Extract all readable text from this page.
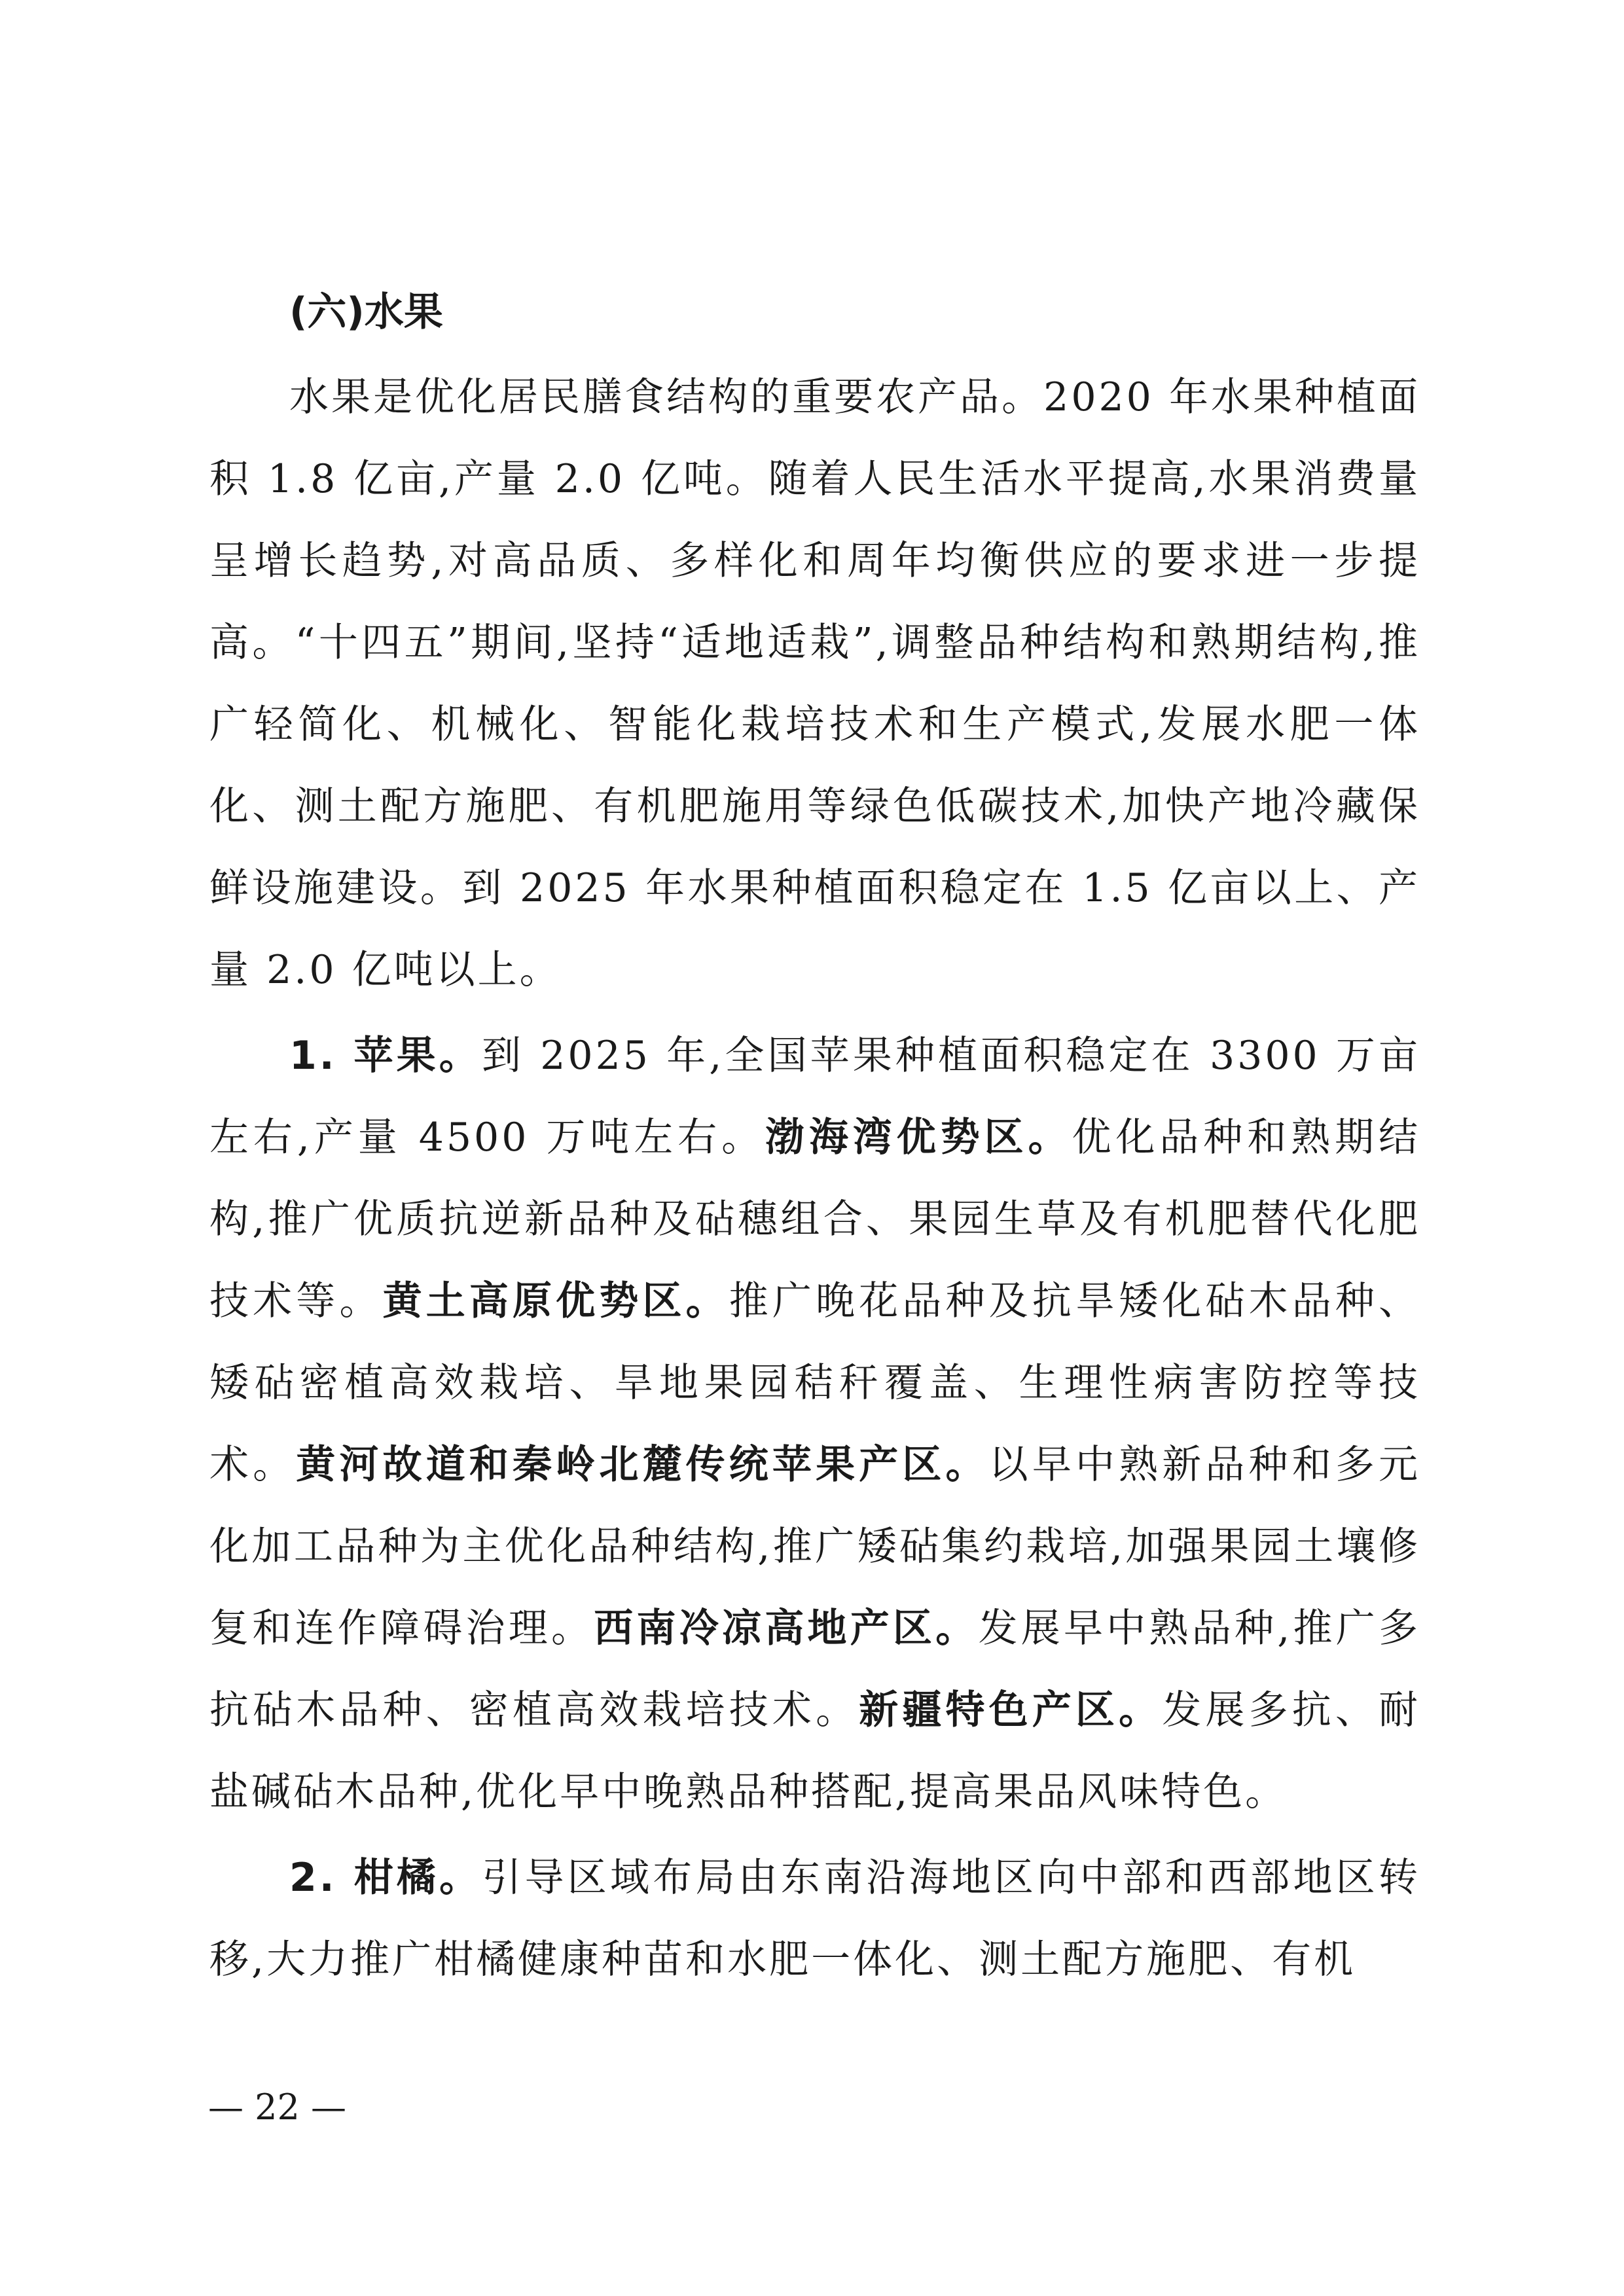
(六)水果

水果是优化居民膳食结构的重要农产品。2020 年水果种植面积 1.8 亿亩,产量 2.0 亿吨。随着人民生活水平提高,水果消费量呈增长趋势,对高品质、多样化和周年均衡供应的要求进一步提高。“十四五”期间,坚持“适地适栽”,调整品种结构和熟期结构,推广轻简化、机械化、智能化栽培技术和生产模式,发展水肥一体化、测土配方施肥、有机肥施用等绿色低碳技术,加快产地冷藏保鲜设施建设。到 2025 年水果种植面积稳定在 1.5 亿亩以上、产量 2.0 亿吨以上。

1. 苹果。到 2025 年,全国苹果种植面积稳定在 3300 万亩左右,产量 4500 万吨左右。渤海湾优势区。优化品种和熟期结构,推广优质抗逆新品种及砧穗组合、果园生草及有机肥替代化肥技术等。黄土高原优势区。推广晚花品种及抗旱矮化砧木品种、矮砧密植高效栽培、旱地果园秸秆覆盖、生理性病害防控等技术。黄河故道和秦岭北麓传统苹果产区。以早中熟新品种和多元化加工品种为主优化品种结构,推广矮砧集约栽培,加强果园土壤修复和连作障碍治理。西南冷凉高地产区。发展早中熟品种,推广多抗砧木品种、密植高效栽培技术。新疆特色产区。发展多抗、耐盐碱砧木品种,优化早中晚熟品种搭配,提高果品风味特色。

2. 柑橘。引导区域布局由东南沿海地区向中部和西部地区转移,大力推广柑橘健康种苗和水肥一体化、测土配方施肥、有机

— 22 —
